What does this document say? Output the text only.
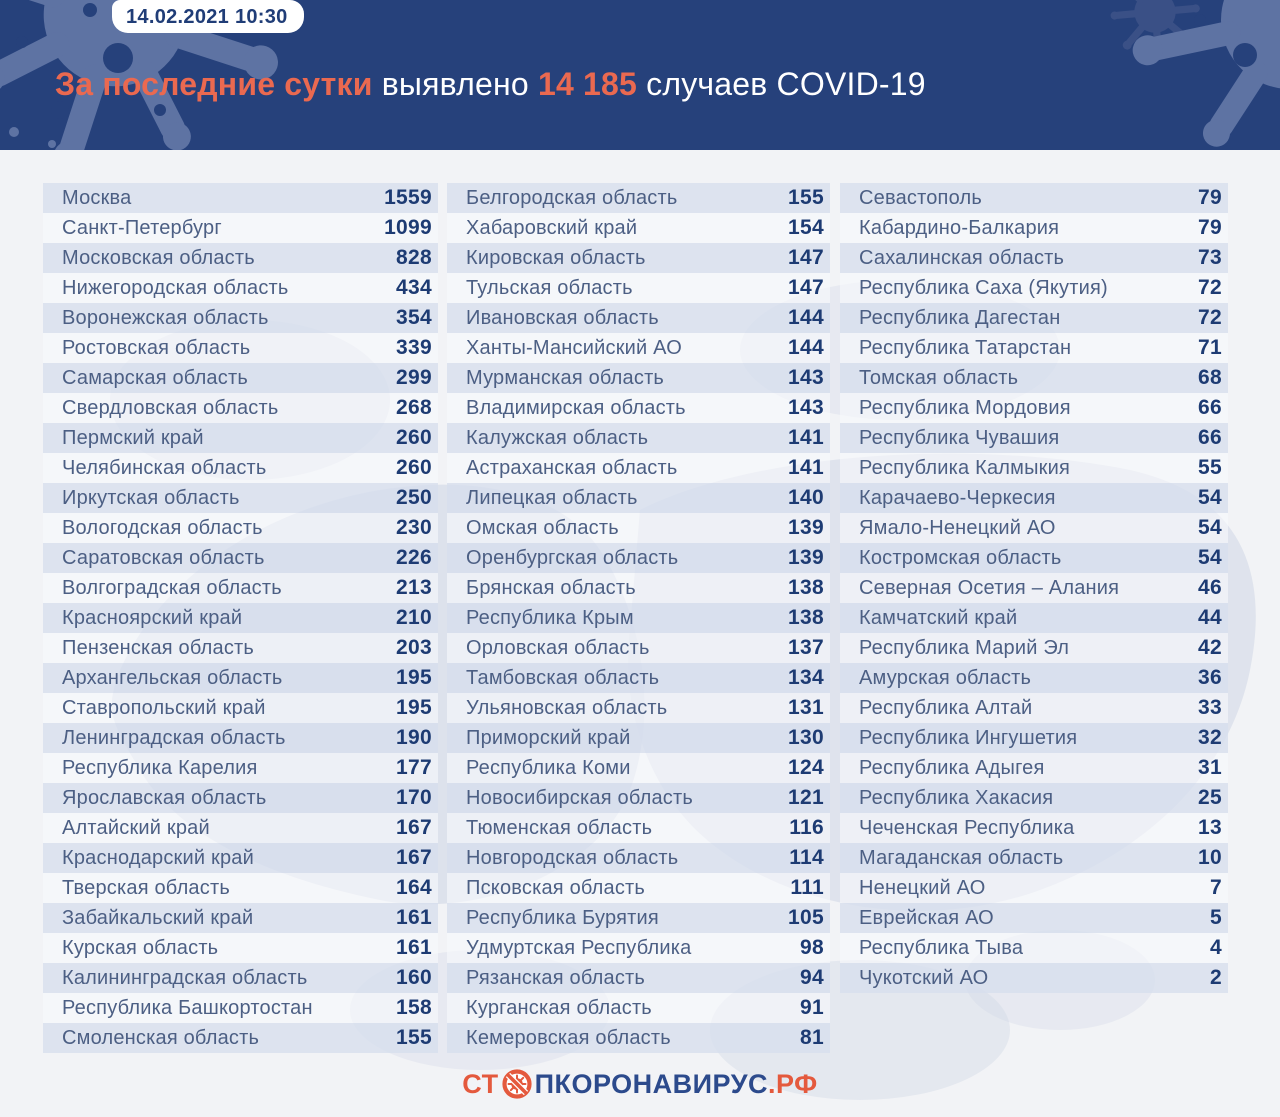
14.02.2021 10:30
За последние сутки выявлено 14 185 случаев COVID-19

Москва	1559
Санкт-Петербург	1099
Московская область	828
Нижегородская область	434
Воронежская область	354
Ростовская область	339
Самарская область	299
Свердловская область	268
Пермский край	260
Челябинская область	260
Иркутская область	250
Вологодская область	230
Саратовская область	226
Волгоградская область	213
Красноярский край	210
Пензенская область	203
Архангельская область	195
Ставропольский край	195
Ленинградская область	190
Республика Карелия	177
Ярославская область	170
Алтайский край	167
Краснодарский край	167
Тверская область	164
Забайкальский край	161
Курская область	161
Калининградская область	160
Республика Башкортостан	158
Смоленская область	155
Белгородская область	155
Хабаровский край	154
Кировская область	147
Тульская область	147
Ивановская область	144
Ханты-Мансийский АО	144
Мурманская область	143
Владимирская область	143
Калужская область	141
Астраханская область	141
Липецкая область	140
Омская область	139
Оренбургская область	139
Брянская область	138
Республика Крым	138
Орловская область	137
Тамбовская область	134
Ульяновская область	131
Приморский край	130
Республика Коми	124
Новосибирская область	121
Тюменская область	116
Новгородская область	114
Псковская область	111
Республика Бурятия	105
Удмуртская Республика	98
Рязанская область	94
Курганская область	91
Кемеровская область	81
Севастополь	79
Кабардино-Балкария	79
Сахалинская область	73
Республика Саха (Якутия)	72
Республика Дагестан	72
Республика Татарстан	71
Томская область	68
Республика Мордовия	66
Республика Чувашия	66
Республика Калмыкия	55
Карачаево-Черкесия	54
Ямало-Ненецкий АО	54
Костромская область	54
Северная Осетия – Алания	46
Камчатский край	44
Республика Марий Эл	42
Амурская область	36
Республика Алтай	33
Республика Ингушетия	32
Республика Адыгея	31
Республика Хакасия	25
Чеченская Республика	13
Магаданская область	10
Ненецкий АО	7
Еврейская АО	5
Республика Тыва	4
Чукотский АО	2
СТ ПКОРОНАВИРУС .РФ
